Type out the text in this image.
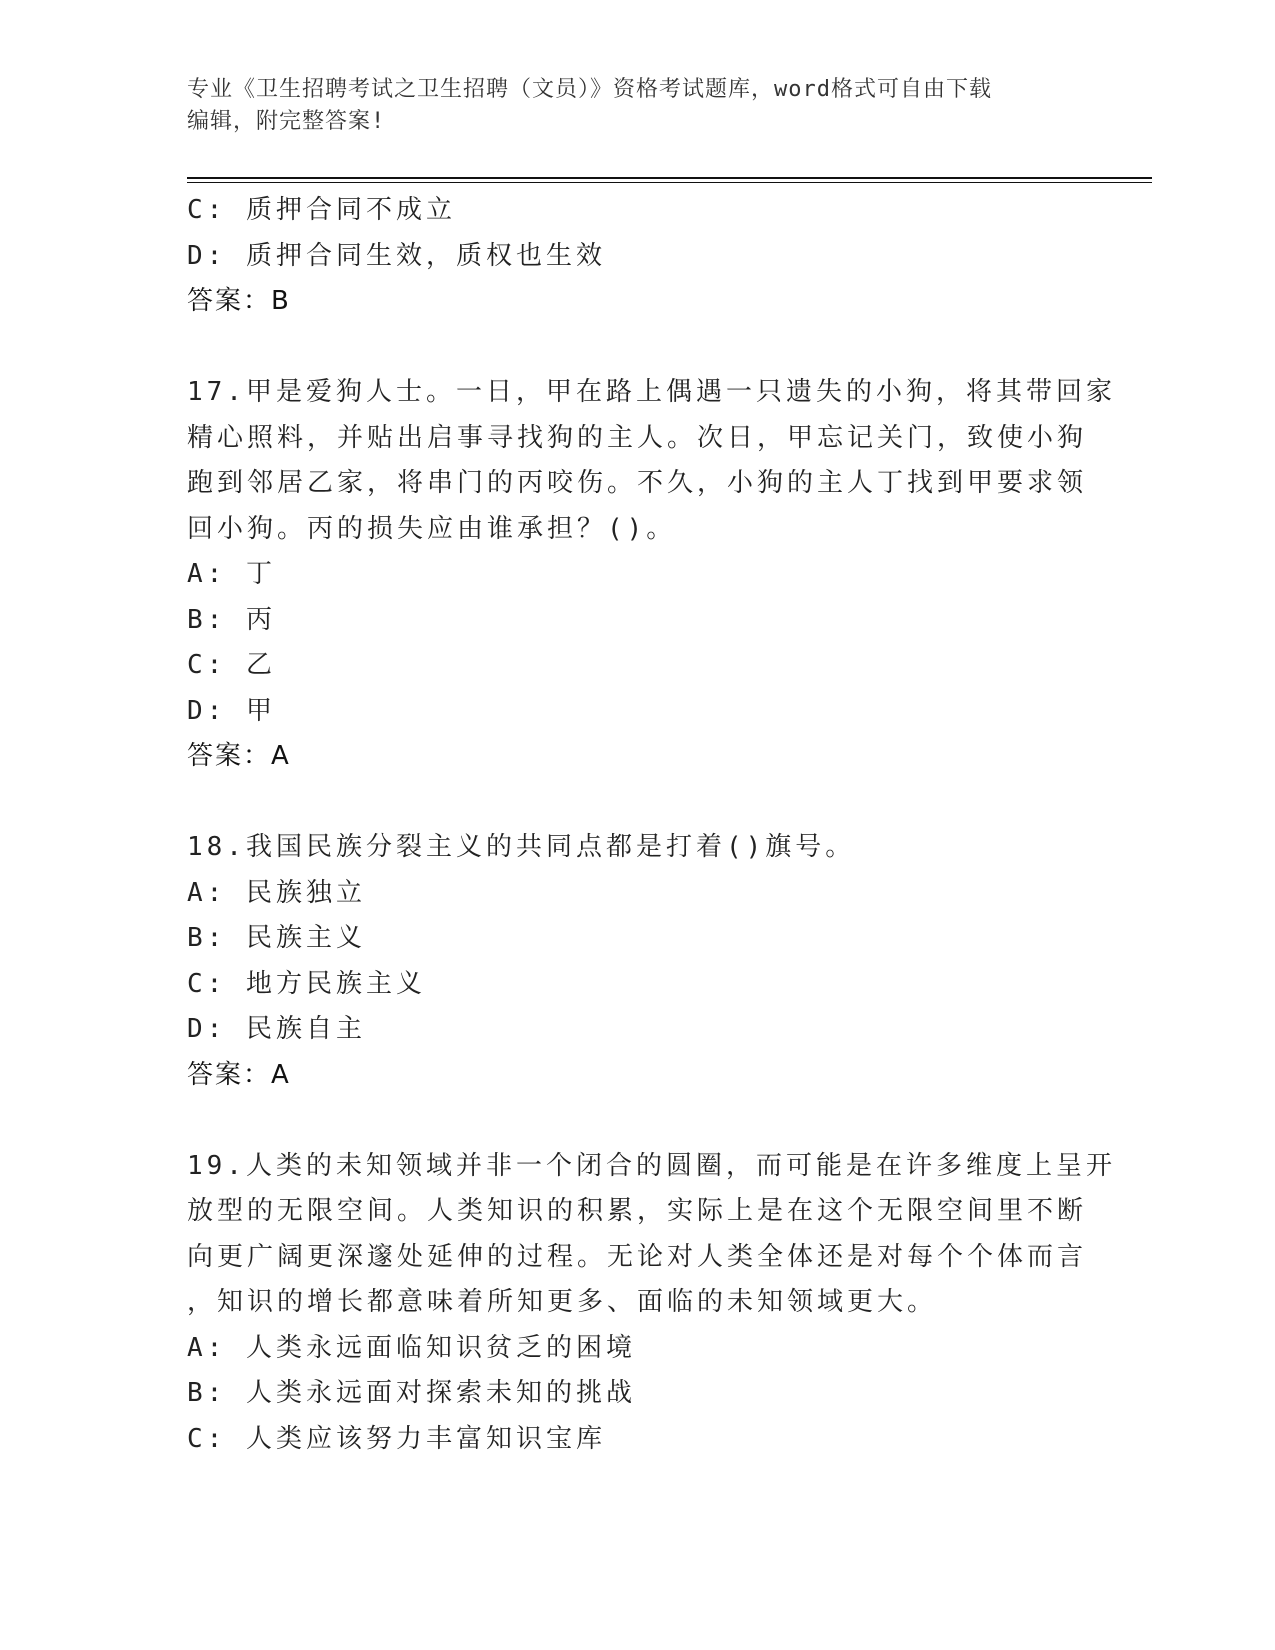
专业《卫生招聘考试之卫生招聘（文员）》资格考试题库，word格式可自由下载
编辑，附完整答案!
C: 质押合同不成立
D: 质押合同生效，质权也生效
答案：B
17.甲是爱狗人士。一日，甲在路上偶遇一只遗失的小狗，将其带回家
精心照料，并贴出启事寻找狗的主人。次日，甲忘记关门，致使小狗
跑到邻居乙家，将串门的丙咬伤。不久，小狗的主人丁找到甲要求领
回小狗。丙的损失应由谁承担？()。
A: 丁
B: 丙
C: 乙
D: 甲
答案：A
18.我国民族分裂主义的共同点都是打着()旗号。
A: 民族独立
B: 民族主义
C: 地方民族主义
D: 民族自主
答案：A
19.人类的未知领域并非一个闭合的圆圈，而可能是在许多维度上呈开
放型的无限空间。人类知识的积累，实际上是在这个无限空间里不断
向更广阔更深邃处延伸的过程。无论对人类全体还是对每个个体而言
，知识的增长都意味着所知更多、面临的未知领域更大。
A: 人类永远面临知识贫乏的困境
B: 人类永远面对探索未知的挑战
C: 人类应该努力丰富知识宝库
